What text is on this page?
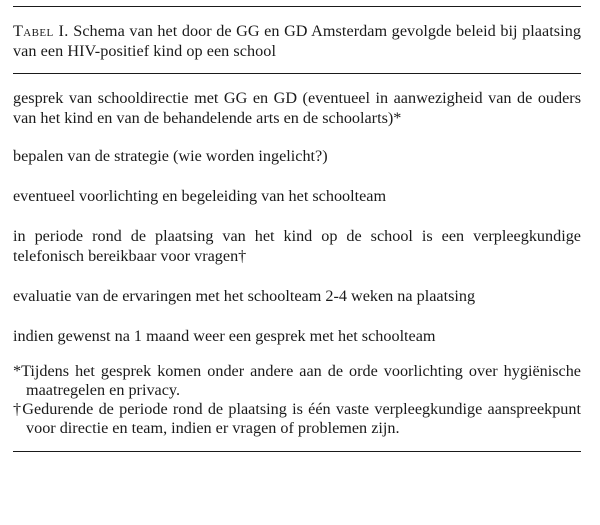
Tabel I. Schema van het door de GG en GD Amsterdam gevolgde beleid bij plaatsing van een HIV-positief kind op een school
gesprek van schooldirectie met GG en GD (eventueel in aanwezigheid van de ouders van het kind en van de behandelende arts en de schoolarts)*
bepalen van de strategie (wie worden ingelicht?)
eventueel voorlichting en begeleiding van het schoolteam
in periode rond de plaatsing van het kind op de school is een verpleegkundige telefonisch bereikbaar voor vragen†
evaluatie van de ervaringen met het schoolteam 2-4 weken na plaatsing
indien gewenst na 1 maand weer een gesprek met het schoolteam
*Tijdens het gesprek komen onder andere aan de orde voorlichting over hygiënische maatregelen en privacy.
†Gedurende de periode rond de plaatsing is één vaste verpleegkundige aanspreekpunt voor directie en team, indien er vragen of problemen zijn.
